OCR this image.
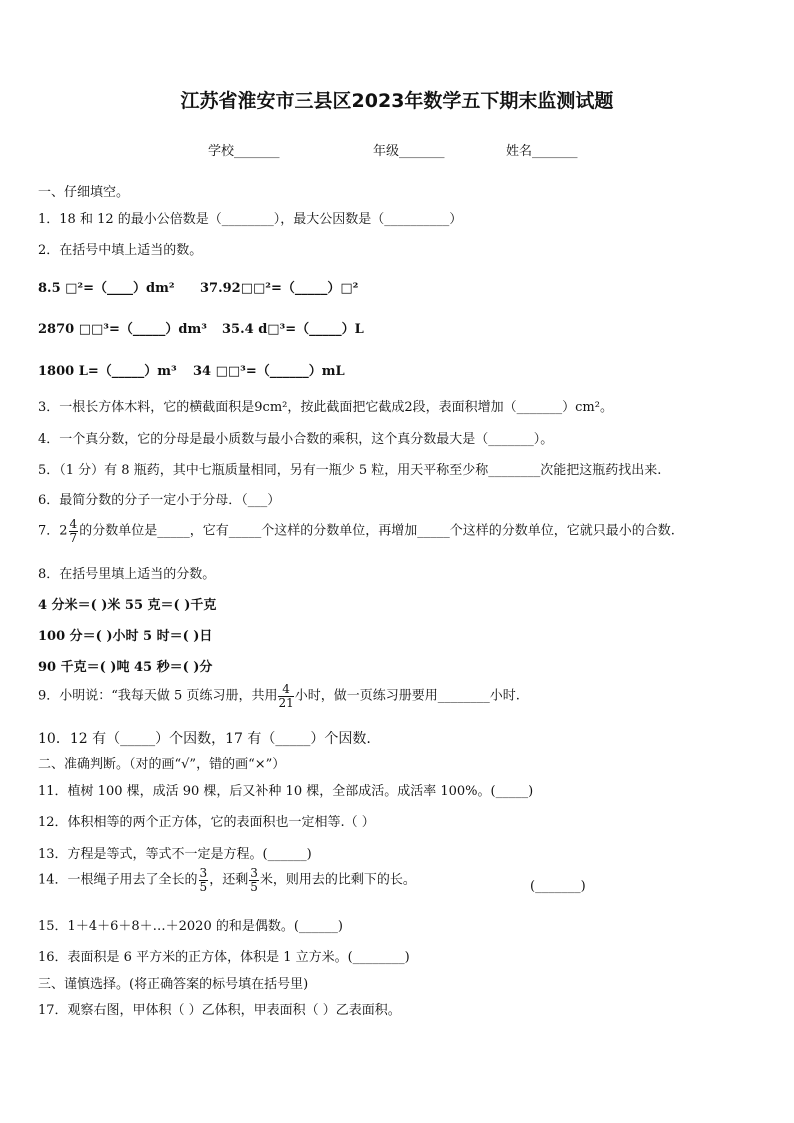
江苏省淮安市三县区2023年数学五下期末监测试题
学校_______	年级_______	姓名_______
一、仔细填空。
1．18 和 12 的最小公倍数是（________），最大公因数是（__________）
2．在括号中填上适当的数。
8.5 □²=（____）dm² 37.92□□²=（_____）□²
2870 □□³=（_____）dm³ 35.4 d□³=（_____）L
1800 L=（_____）m³ 34 □□³=（______）mL
3．一根长方体木料，它的横截面积是9cm²，按此截面把它截成2段，表面积增加（_______）cm²。
4．一个真分数，它的分母是最小质数与最小合数的乘积，这个真分数最大是（_______）。
5．（1 分）有 8 瓶药，其中七瓶质量相同，另有一瓶少 5 粒，用天平称至少称________次能把这瓶药找出来.
6．最简分数的分子一定小于分母．（___）
7．$2 \frac{4}{7}$ 的分数单位是_____，它有_____个这样的分数单位，再增加_____个这样的分数单位，它就只最小的合数.
8．在括号里填上适当的分数。
4 分米＝( )米 55 克＝( )千克
100 分＝( )小时 5 时＝( )日
90 千克＝( )吨 45 秒＝( )分
9．小明说：“我每天做 5 页练习册，共用 $\frac{4}{21}$ 小时，做一页练习册要用________小时.
10．12 有（_____）个因数，17 有（_____）个因数.
二、准确判断。（对的画“√”，错的画“×”）
11．植树 100 棵，成活 90 棵，后又补种 10 棵，全部成活。成活率 100%。(_____)
12．体积相等的两个正方体，它的表面积也一定相等.（ ）
13．方程是等式，等式不一定是方程。(______)
14．一根绳子用去了全长的 $\frac{3}{5}$ ，还剩 $\frac{3}{5}$ 米，则用去的比剩下的长。	(_______)
15．1＋4＋6＋8＋…＋2020 的和是偶数。(______)
16．表面积是 6 平方米的正方体，体积是 1 立方米。(________)
三、谨慎选择。(将正确答案的标号填在括号里)
17．观察右图，甲体积（ ）乙体积，甲表面积（ ）乙表面积。
